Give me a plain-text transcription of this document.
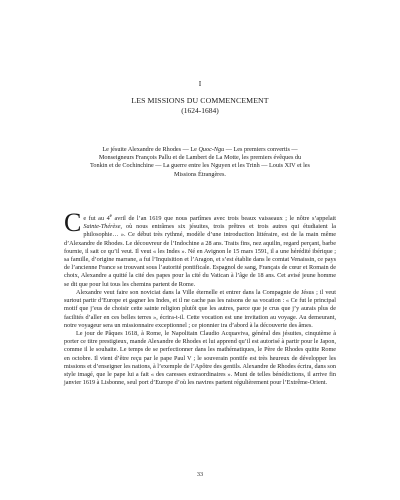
I
LES MISSIONS DU COMMENCEMENT
(1624-1684)
Le jésuite Alexandre de Rhodes — Le Quoc-Ngu — Les premiers convertis — Monseigneurs François Pallu et de Lambert de La Motte, les premiers évêques du Tonkin et de Cochinchine — La guerre entre les Nguyen et les Trinh — Louis XIV et les Missions Étrangères.

Ce fut au 4e avril de l’an 1619 que nous partîmes avec trois beaux vaisseaux ; le nôtre s’appelait Sainte-Thérèse, où nous entrâmes six jésuites, trois prêtres et trois autres qui étudiaient la philosophie… ». Ce début très rythmé, modèle d’une introduction littéraire, est de la main même d’Alexandre de Rhodes. Le découvreur de l’Indochine a 28 ans. Traits fins, nez aquilin, regard perçant, barbe fournie, il sait ce qu’il veut. Il veut « les Indes ». Né en Avignon le 15 mars 1591, il a une hérédité ibérique ; sa famille, d’origine marrane, a fui l’Inquisition et l’Aragon, et s’est établie dans le comtat Venaissin, ce pays de l’ancienne France se trouvant sous l’autorité pontificale. Espagnol de sang, Français de cœur et Romain de choix, Alexandre a quitté la cité des papes pour la cité du Vatican à l’âge de 18 ans. Cet avisé jeune homme se dit que pour lui tous les chemins partent de Rome.

Alexandre veut faire son noviciat dans la Ville éternelle et entrer dans la Compagnie de Jésus ; il veut surtout partir d’Europe et gagner les Indes, et il ne cache pas les raisons de sa vocation : « Ce fut le principal motif que j’eus de choisir cette sainte religion plutôt que les autres, parce que je crus que j’y aurais plus de facilités d’aller en ces belles terres », écrira-t-il. Cette vocation est une invitation au voyage. Au demeurant, notre voyageur sera un missionnaire exceptionnel ; ce pionnier ira d’abord à la découverte des âmes.

Le jour de Pâques 1618, à Rome, le Napolitain Claudio Acquaviva, général des jésuites, cinquième à porter ce titre prestigieux, mande Alexandre de Rhodes et lui apprend qu’il est autorisé à partir pour le Japon, comme il le souhaite. Le temps de se perfectionner dans les mathématiques, le Père de Rhodes quitte Rome en octobre. Il vient d’être reçu par le pape Paul V ; le souverain pontife est très heureux de développer les missions et d’enseigner les nations, à l’exemple de l’Apôtre des gentils. Alexandre de Rhodes écrira, dans son style imagé, que le pape lui a fait « des caresses extraordinaires ». Muni de telles bénédictions, il arrive fin janvier 1619 à Lisbonne, seul port d’Europe d’où les navires partent régulièrement pour l’Extrême-Orient.

33
